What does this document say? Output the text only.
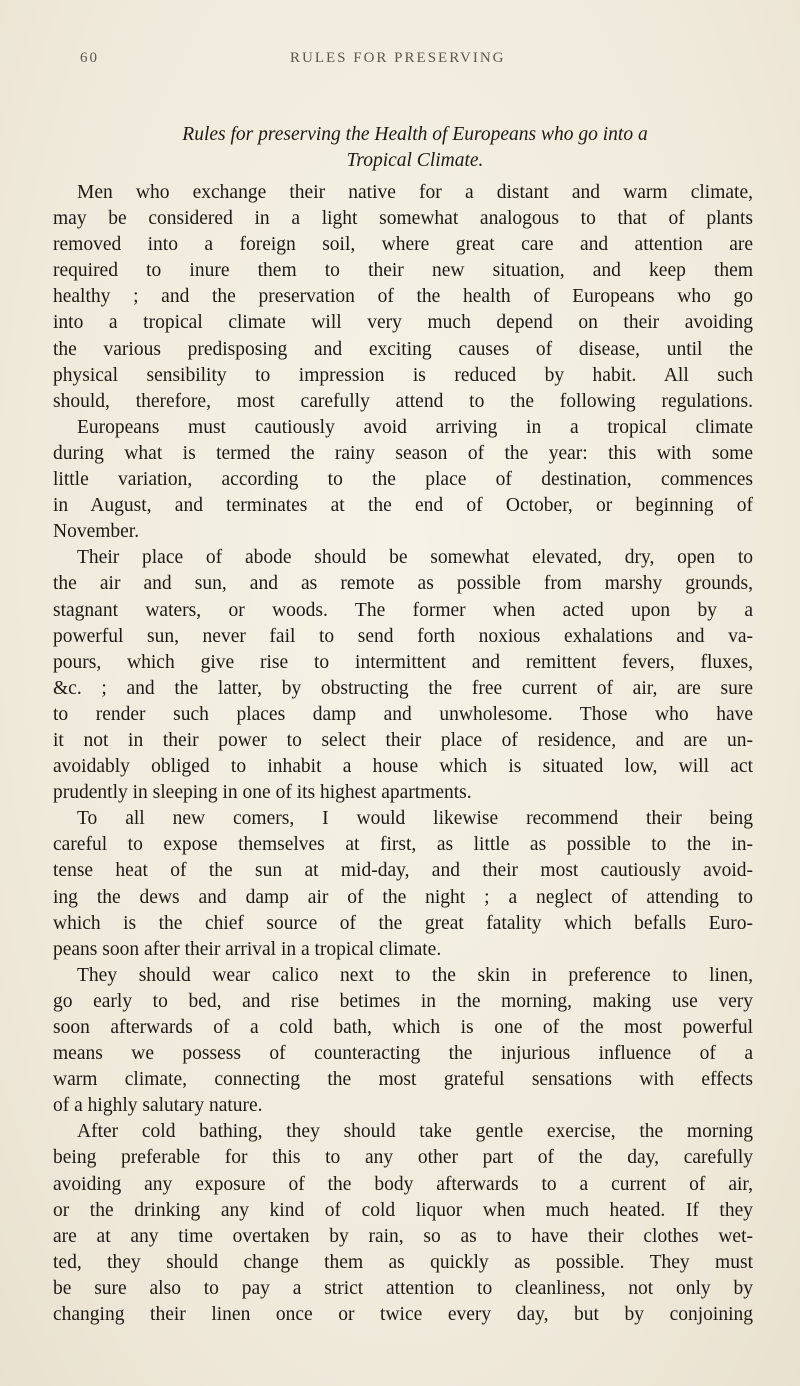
60	RULES FOR PRESERVING
Rules for preserving the Health of Europeans who go into a
Tropical Climate.
Men who exchange their native for a distant and warm climate,
may be considered in a light somewhat analogous to that of plants
removed into a foreign soil, where great care and attention are
required to inure them to their new situation, and keep them
healthy ; and the preservation of the health of Europeans who go
into a tropical climate will very much depend on their avoiding
the various predisposing and exciting causes of disease, until the
physical sensibility to impression is reduced by habit. All such
should, therefore, most carefully attend to the following regulations.
Europeans must cautiously avoid arriving in a tropical climate
during what is termed the rainy season of the year: this with some
little variation, according to the place of destination, commences
in August, and terminates at the end of October, or beginning of
November.
Their place of abode should be somewhat elevated, dry, open to
the air and sun, and as remote as possible from marshy grounds,
stagnant waters, or woods. The former when acted upon by a
powerful sun, never fail to send forth noxious exhalations and va-
pours, which give rise to intermittent and remittent fevers, fluxes,
&c. ; and the latter, by obstructing the free current of air, are sure
to render such places damp and unwholesome. Those who have
it not in their power to select their place of residence, and are un-
avoidably obliged to inhabit a house which is situated low, will act
prudently in sleeping in one of its highest apartments.
To all new comers, I would likewise recommend their being
careful to expose themselves at first, as little as possible to the in-
tense heat of the sun at mid-day, and their most cautiously avoid-
ing the dews and damp air of the night ; a neglect of attending to
which is the chief source of the great fatality which befalls Euro-
peans soon after their arrival in a tropical climate.
They should wear calico next to the skin in preference to linen,
go early to bed, and rise betimes in the morning, making use very
soon afterwards of a cold bath, which is one of the most powerful
means we possess of counteracting the injurious influence of a
warm climate, connecting the most grateful sensations with effects
of a highly salutary nature.
After cold bathing, they should take gentle exercise, the morning
being preferable for this to any other part of the day, carefully
avoiding any exposure of the body afterwards to a current of air,
or the drinking any kind of cold liquor when much heated. If they
are at any time overtaken by rain, so as to have their clothes wet-
ted, they should change them as quickly as possible. They must
be sure also to pay a strict attention to cleanliness, not only by
changing their linen once or twice every day, but by conjoining
